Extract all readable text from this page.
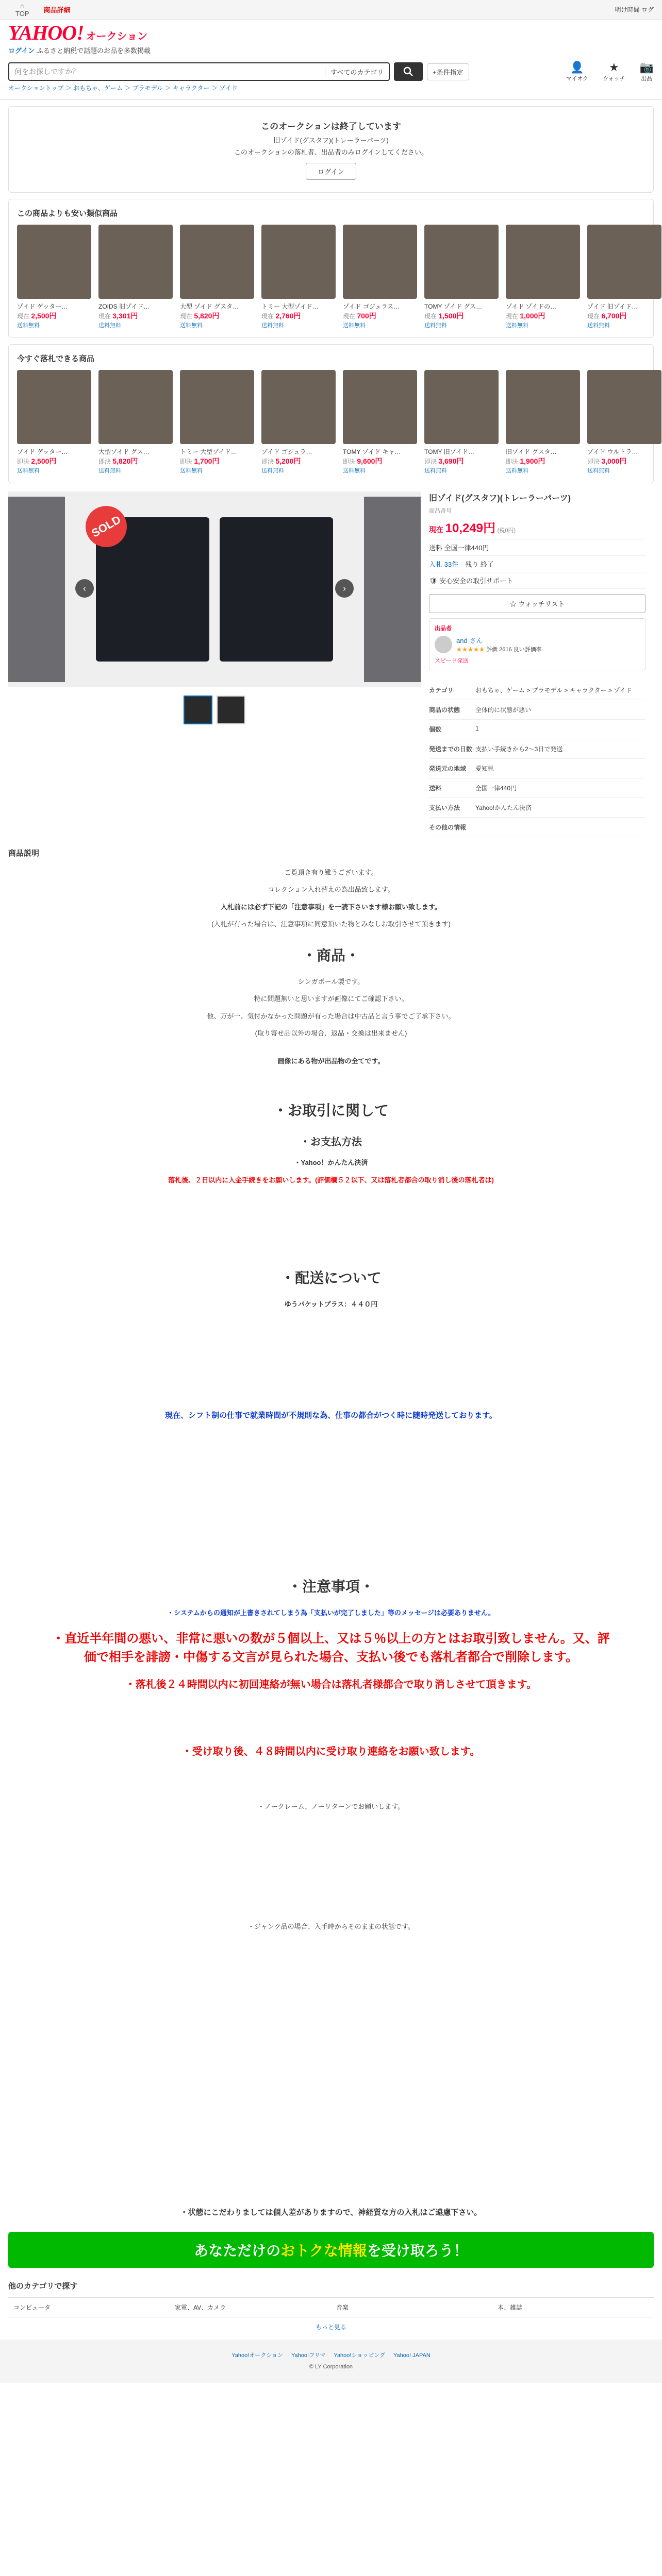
⌂
TOP	商品詳細	明け時間 ログ
YAHOO! オークション
ログイン ふるさと納税で話題のお品を多数掲載
何をお探しですか？	すべてのカテゴリ	+条件指定	👤
マイオク
★
ウォッチ
📷
出品
オークショントップ ＞ おもちゃ、ゲーム ＞ プラモデル ＞ キャラクター ＞ ゾイド
このオークションは終了しています

旧ゾイド(グスタフ)(トレーラーパーツ)

このオークションの落札者、出品者のみログインしてください。

ログイン
この商品よりも安い類似商品
ゾイド ゲッター…
現在 2,500円
送料無料
ZOIDS 旧ゾイド…
現在 3,301円
送料無料
大型 ゾイド グスタ…
現在 5,820円
送料無料
トミー 大型ゾイド…
現在 2,760円
送料無料
ゾイド ゴジュラス…
現在 700円
送料無料
TOMY ゾイド グス…
現在 1,500円
送料無料
ゾイド ゾイドの…
現在 1,000円
送料無料
ゾイド 旧ゾイド…
現在 6,700円
送料無料
今すぐ落札できる商品
ゾイド ゲッター…
即決 2,500円
送料無料
大型ゾイド グス…
即決 5,820円
送料無料
トミー 大型ゾイド…
即決 1,700円
送料無料
ゾイド ゴジュラ…
即決 5,200円
送料無料
TOMY ゾイド キャ…
即決 9,600円
送料無料
TOMY 旧ゾイド…
即決 3,690円
送料無料
旧ゾイド グスタ…
即決 1,900円
送料無料
ゾイド ウルトラ…
即決 3,000円
送料無料
SOLD
‹	›
旧ゾイド(グスタフ)(トレーラーパーツ)
商品番号
現在 10,249円 (税0円)
送料 全国一律440円
入札 33件　 残り 終了
🛡 安心安全の取引サポート
☆ ウォッチリスト
出品者
and さん
★★★★★ 評価 2616 良い評価率
スピード発送
カテゴリ	おもちゃ、ゲーム > プラモデル > キャラクター > ゾイド
商品の状態	全体的に状態が悪い
個数	1
発送までの日数 支払い手続きから2〜3日で発送
発送元の地域	愛知県
送料	全国一律440円
支払い方法	Yahoo!かんたん決済
その他の情報
商品説明

ご覧頂き有り難うございます。

コレクション入れ替えの為出品致します。

入札前には必ず下記の「注意事項」を一読下さいます様お願い致します。

(入札が有った場合は、注意事項に同意頂いた物とみなしお取引させて頂きます)

・商品・

シンガポール製です。

特に問題無いと思いますが画像にてご確認下さい。

他、万が一、気付かなかった問題が有った場合は中古品と言う事でご了承下さい。

(取り寄せ品以外の場合、返品・交換は出来ません)

画像にある物が出品物の全てです。

・お取引に関して
・お支払方法

・Yahoo！かんたん決済

落札後、２日以内に入金手続きをお願いします。(評価欄５２以下、又は落札者都合の取り消し後の落札者は)

・配送について

ゆうパケットプラス：４４０円

現在、シフト制の仕事で就業時間が不規則な為、仕事の都合がつく時に随時発送しております。

・注意事項・

・システムからの通知が上書きされてしまう為「支払いが完了しました」等のメッセージは必要ありません。

・直近半年間の悪い、非常に悪いの数が５個以上、又は５％以上の方とはお取引致しません。又、評価で相手を誹謗・中傷する文言が見られた場合、支払い後でも落札者都合で削除します。

・落札後２４時間以内に初回連絡が無い場合は落札者様都合で取り消しさせて頂きます。

・受け取り後、４８時間以内に受け取り連絡をお願い致します。

・ノークレーム、ノーリターンでお願いします。

・ジャンク品の場合、入手時からそのままの状態です。

・状態にこだわりましては個人差がありますので、神経質な方の入札はご遠慮下さい。

あなただけの おトクな情報 を受け取ろう！
他のカテゴリで探す
コンピュータ	家電、AV、カメラ	音楽	本、雑誌
もっと見る
Yahoo!オークション Yahoo!フリマ Yahoo!ショッピング Yahoo! JAPAN
© LY Corporation
